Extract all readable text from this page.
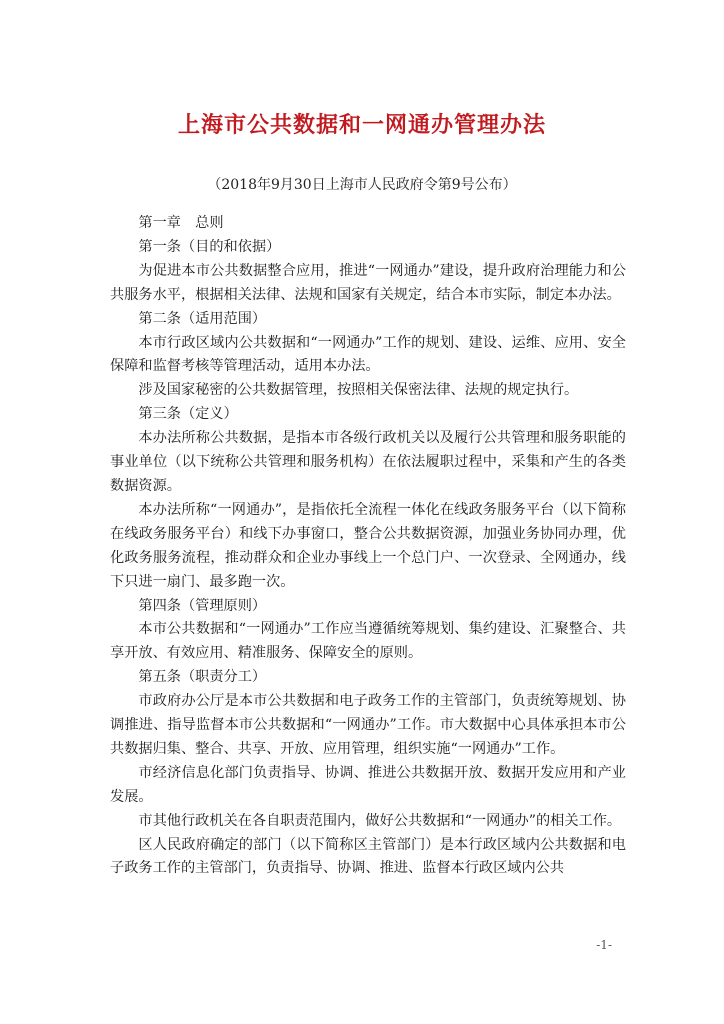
上海市公共数据和一网通办管理办法
（2018年9月30日上海市人民政府令第9号公布）

第一章　总则

第一条（目的和依据）

为促进本市公共数据整合应用，推进“一网通办”建设，提升政府治理能力和公共服务水平，根据相关法律、法规和国家有关规定，结合本市实际，制定本办法。

第二条（适用范围）

本市行政区域内公共数据和“一网通办”工作的规划、建设、运维、应用、安全保障和监督考核等管理活动，适用本办法。

涉及国家秘密的公共数据管理，按照相关保密法律、法规的规定执行。

第三条（定义）

本办法所称公共数据，是指本市各级行政机关以及履行公共管理和服务职能的事业单位（以下统称公共管理和服务机构）在依法履职过程中，采集和产生的各类数据资源。

本办法所称“一网通办”，是指依托全流程一体化在线政务服务平台（以下简称在线政务服务平台）和线下办事窗口，整合公共数据资源，加强业务协同办理，优化政务服务流程，推动群众和企业办事线上一个总门户、一次登录、全网通办，线下只进一扇门、最多跑一次。

第四条（管理原则）

本市公共数据和“一网通办”工作应当遵循统筹规划、集约建设、汇聚整合、共享开放、有效应用、精准服务、保障安全的原则。

第五条（职责分工）

市政府办公厅是本市公共数据和电子政务工作的主管部门，负责统筹规划、协调推进、指导监督本市公共数据和“一网通办”工作。市大数据中心具体承担本市公共数据归集、整合、共享、开放、应用管理，组织实施“一网通办”工作。

市经济信息化部门负责指导、协调、推进公共数据开放、数据开发应用和产业发展。

市其他行政机关在各自职责范围内，做好公共数据和“一网通办”的相关工作。

区人民政府确定的部门（以下简称区主管部门）是本行政区域内公共数据和电子政务工作的主管部门，负责指导、协调、推进、监督本行政区域内公共

-1-
